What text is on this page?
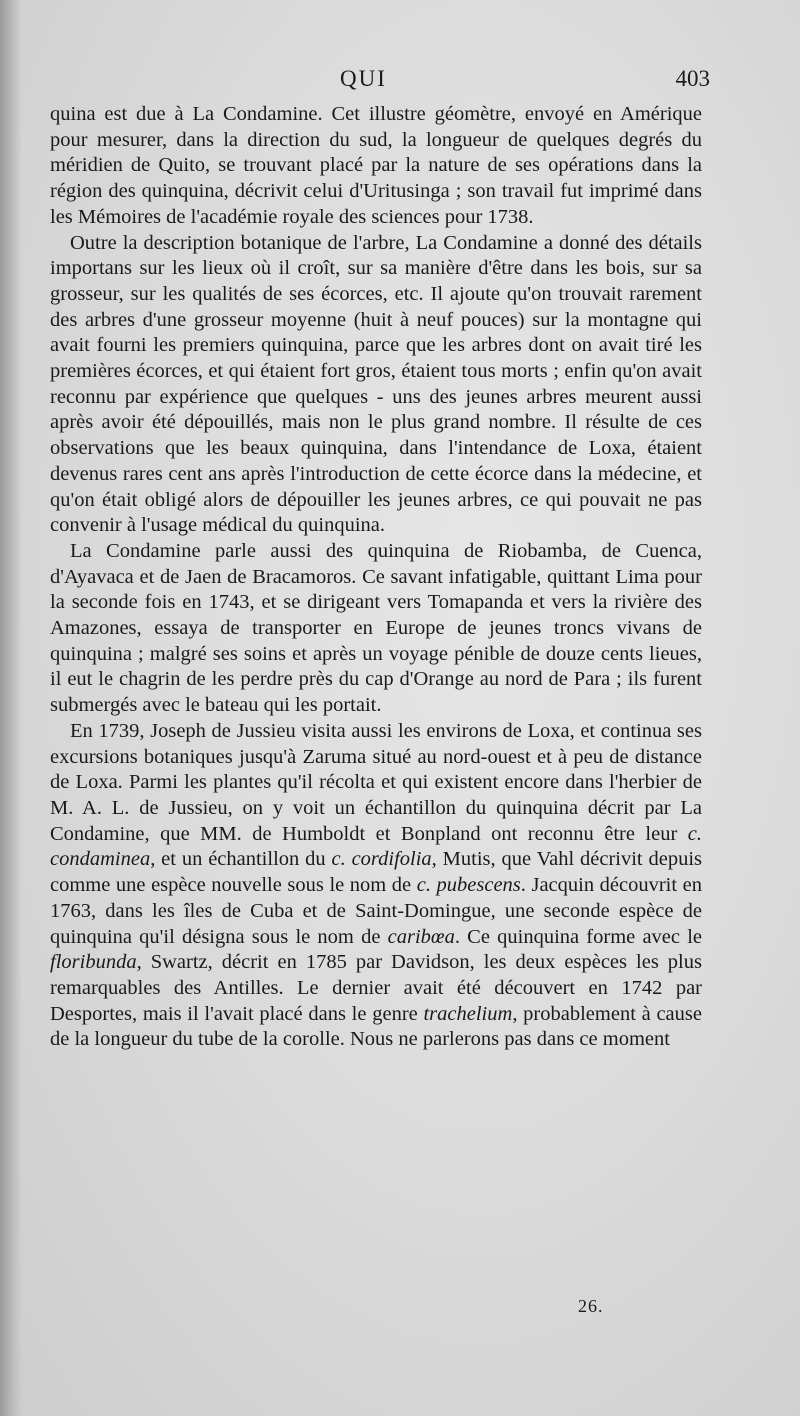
QUI	403

quina est due à La Condamine. Cet illustre géomètre, envoyé en Amérique pour mesurer, dans la direction du sud, la longueur de quelques degrés du méridien de Quito, se trouvant placé par la nature de ses opérations dans la région des quinquina, décrivit celui d'Uritusinga ; son travail fut imprimé dans les Mémoires de l'académie royale des sciences pour 1738.

Outre la description botanique de l'arbre, La Condamine a donné des détails importans sur les lieux où il croît, sur sa manière d'être dans les bois, sur sa grosseur, sur les qualités de ses écorces, etc. Il ajoute qu'on trouvait rarement des arbres d'une grosseur moyenne (huit à neuf pouces) sur la montagne qui avait fourni les premiers quinquina, parce que les arbres dont on avait tiré les premières écorces, et qui étaient fort gros, étaient tous morts ; enfin qu'on avait reconnu par expérience que quelques - uns des jeunes arbres meurent aussi après avoir été dépouillés, mais non le plus grand nombre. Il résulte de ces observations que les beaux quinquina, dans l'intendance de Loxa, étaient devenus rares cent ans après l'introduction de cette écorce dans la médecine, et qu'on était obligé alors de dépouiller les jeunes arbres, ce qui pouvait ne pas convenir à l'usage médical du quinquina.

La Condamine parle aussi des quinquina de Riobamba, de Cuenca, d'Ayavaca et de Jaen de Bracamoros. Ce savant infatigable, quittant Lima pour la seconde fois en 1743, et se dirigeant vers Tomapanda et vers la rivière des Amazones, essaya de transporter en Europe de jeunes troncs vivans de quinquina ; malgré ses soins et après un voyage pénible de douze cents lieues, il eut le chagrin de les perdre près du cap d'Orange au nord de Para ; ils furent submergés avec le bateau qui les portait.

En 1739, Joseph de Jussieu visita aussi les environs de Loxa, et continua ses excursions botaniques jusqu'à Zaruma situé au nord-ouest et à peu de distance de Loxa. Parmi les plantes qu'il récolta et qui existent encore dans l'herbier de M. A. L. de Jussieu, on y voit un échantillon du quinquina décrit par La Condamine, que MM. de Humboldt et Bonpland ont reconnu être leur c. condaminea, et un échantillon du c. cordifolia, Mutis, que Vahl décrivit depuis comme une espèce nouvelle sous le nom de c. pubescens. Jacquin découvrit en 1763, dans les îles de Cuba et de Saint-Domingue, une seconde espèce de quinquina qu'il désigna sous le nom de caribœa. Ce quinquina forme avec le floribunda, Swartz, décrit en 1785 par Davidson, les deux espèces les plus remarquables des Antilles. Le dernier avait été découvert en 1742 par Desportes, mais il l'avait placé dans le genre trachelium, probablement à cause de la longueur du tube de la corolle. Nous ne parlerons pas dans ce moment

26.
